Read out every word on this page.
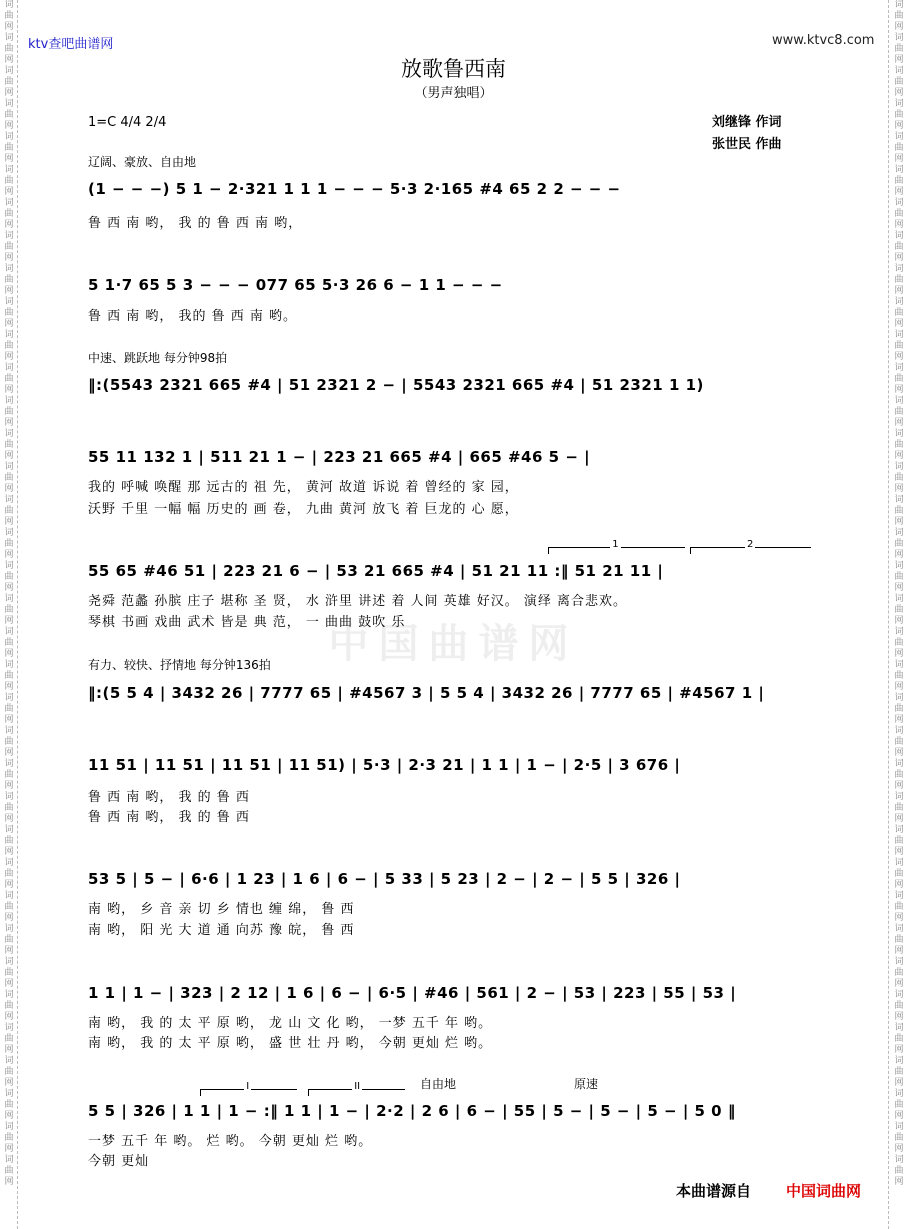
词
曲
网
词
曲
网
词
曲
网
词
曲
网
词
曲
网
词
曲
网
词
曲
网
词
曲
网
词
曲
网
词
曲
网
词
曲
网
词
曲
网
词
曲
网
词
曲
网
词
曲
网
词
曲
网
词
曲
网
词
曲
网
词
曲
网
词
曲
网
词
曲
网
词
曲
网
词
曲
网
词
曲
网
词
曲
网
词
曲
网
词
曲
网
词
曲
网
词
曲
网
词
曲
网
词
曲
网
词
曲
网
词
曲
网
词
曲
网
词
曲
网
词
曲
网
词
曲
网
词
曲
网
词
曲
网
词
曲
网
词
曲
网
词
曲
网
词
曲
网
词
曲
网
词
曲
网
词
曲
网
词
曲
网
词
曲
网
词
曲
网
词
曲
网
词
曲
网
词
曲
网
词
曲
网
词
曲
网
词
曲
网
词
曲
网
词
曲
网
词
曲
网
词
曲
网
词
曲
网
词
曲
网
词
曲
网
词
曲
网
词
曲
网
词
曲
网
词
曲
网
词
曲
网
词
曲
网
词
曲
网
词
曲
网
词
曲
网
词
曲
网
ktv查吧曲谱网	www.ktvc8.com
放歌鲁西南
（男声独唱）
1=C 4/4 2/4	刘继锋 作词
张世民 作曲
辽阔、豪放、自由地
中速、跳跃地 每分钟98拍
有力、较快、抒情地 每分钟136拍	中国曲谱网
(1 − − −) 5 1 − 2·321 1 1 1 − − − 5·3 2·165 #4 65 2 2 − − −
鲁 西 南 哟， 我 的 鲁 西 南 哟，
5 1·7 65 5 3 − − − 077 65 5·3 26 6 − 1 1 − − −
鲁 西 南 哟， 我的 鲁 西 南 哟。
‖:(5543 2321 665 #4 | 51 2321 2 − | 5543 2321 665 #4 | 51 2321 1 1)
55 11 132 1 | 511 21 1 − | 223 21 665 #4 | 665 #46 5 − |
我的 呼喊 唤醒 那 远古的 祖 先， 黄河 故道 诉说 着 曾经的 家 园，
沃野 千里 一幅 幅 历史的 画 卷， 九曲 黄河 放飞 着 巨龙的 心 愿，
1	2
55 65 #46 51 | 223 21 6 − | 53 21 665 #4 | 51 21 11 :‖ 51 21 11 |
尧舜 范蠡 孙膑 庄子 堪称 圣 贤， 水 浒里 讲述 着 人间 英雄 好汉。 演绎 离合悲欢。
琴棋 书画 戏曲 武术 皆是 典 范， 一 曲曲 鼓吹 乐
‖:(5 5 4 | 3432 26 | 7777 65 | #4567 3 | 5 5 4 | 3432 26 | 7777 65 | #4567 1 |
11 51 | 11 51 | 11 51 | 11 51) | 5·3 | 2·3 21 | 1 1 | 1 − | 2·5 | 3 676 |
鲁 西 南 哟， 我 的 鲁 西
鲁 西 南 哟， 我 的 鲁 西
53 5 | 5 − | 6·6 | 1 23 | 1 6 | 6 − | 5 33 | 5 23 | 2 − | 2 − | 5 5 | 326 |
南 哟， 乡 音 亲 切 乡 情也 缠 绵， 鲁 西
南 哟， 阳 光 大 道 通 向苏 豫 皖， 鲁 西
1 1 | 1 − | 323 | 2 12 | 1 6 | 6 − | 6·5 | #46 | 561 | 2 − | 53 | 223 | 55 | 53 |
南 哟， 我 的 太 平 原 哟， 龙 山 文 化 哟， 一梦 五千 年 哟。
南 哟， 我 的 太 平 原 哟， 盛 世 壮 丹 哟， 今朝 更灿 烂 哟。
I	II	自由地	原速
5 5 | 326 | 1 1 | 1 − :‖ 1 1 | 1 − | 2·2 | 2 6 | 6 − | 55 | 5 − | 5 − | 5 − | 5 0 ‖
一梦 五千 年 哟。 烂 哟。 今朝 更灿 烂 哟。
今朝 更灿
本曲谱源自 中国词曲网
